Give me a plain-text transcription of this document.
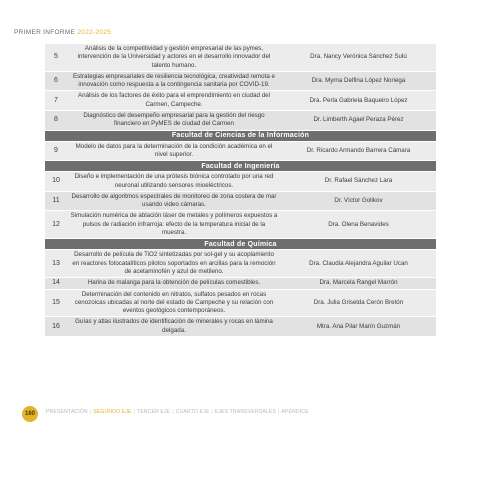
PRIMER INFORME 2022-2025
5	Análisis de la competitividad y gestión empresarial de las pymes, intervención de la Universidad y actores en el desarrollo innovador del talento humano.	Dra. Nancy Verónica Sánchez Sulú
6	Estrategias empresariales de resiliencia tecnológica, creatividad remota e innovación como respuesta a la contingencia sanitaria por COVID-19.	Dra. Myrna Delfina López Noriega
7	Análisis de los factores de éxito para el emprendimiento en ciudad del Carmen, Campeche.	Dra. Perla Gabriela Baqueiro López
8	Diagnóstico del desempeño empresarial para la gestión del riesgo financiero en PyMES de ciudad del Carmen	Dr. Limberth Agael Peraza Pérez
Facultad de Ciencias de la Información		
9	Modelo de datos para la determinación de la condición académica en el nivel superior.	Dr. Ricardo Armando Barrera Cámara
Facultad de Ingeniería		
10	Diseño e implementación de una prótesis biónica controlado por una red neuronal utilizando sensores mioeléctricos.	Dr. Rafael Sánchez Lara
11	Desarrollo de algoritmos espectrales de monitoreo de zona costera de mar usando video cámaras.	Dr. Víctor Golikov
12	Simulación numérica de ablación láser de metales y polímeros expuestos a pulsos de radiación infrarroja: efecto de la temperatura inicial de la muestra.	Dra. Olena Benavides
Facultad de Química		
13	Desarrollo de película de TiO2 sintetizadas por sol-gel y su acoplamiento en reactores fotocatalíticos pilotos soportados en arcillas para la remoción de acetaminofén y azul de metileno.	Dra. Claudia Alejandra Aguilar Ucan
14	Harina de malanga para la obtención de películas comestibles.	Dra. Marcela Rangel Marrón
15	Determinación del contenido en nitratos, sulfatos pesados en rocas cenozoicas ubicadas al norte del estado de Campeche y su relación con eventos geológicos contemporáneos.	Dra. Julia Griselda Cerón Bretón
16	Guías y atlas ilustrados de identificación de minerales y rocas en lámina delgada.	Mtra. Ana Pilar Marín Guzmán
160	PRESENTACIÓN | SEGUNDO EJE | TERCER EJE | CUARTO EJE | EJES TRANSVERSALES | APÉNDICE
